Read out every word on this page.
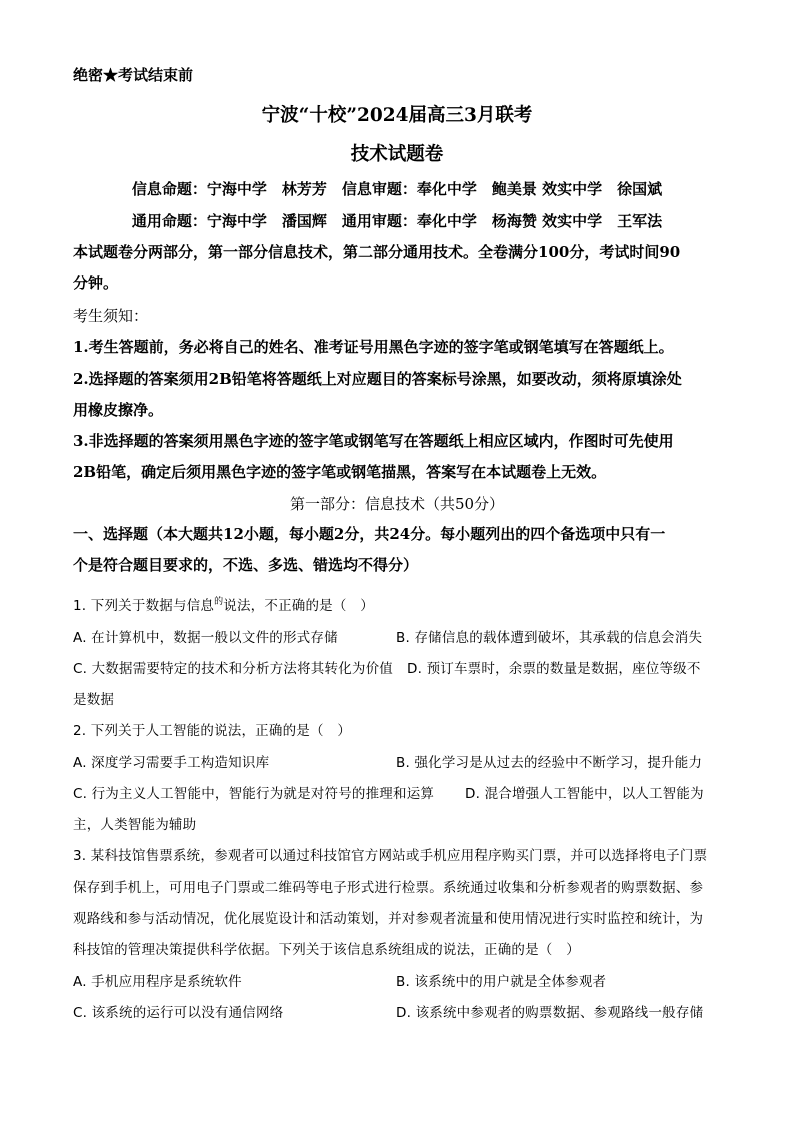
绝密★考试结束前
宁波“十校”2024届高三3月联考
技术试题卷
信息命题：宁海中学　林芳芳　信息审题：奉化中学　鲍美景 效实中学　徐国斌
通用命题：宁海中学　潘国辉　通用审题：奉化中学　杨海赞 效实中学　王军法
本试题卷分两部分，第一部分信息技术，第二部分通用技术。全卷满分100分，考试时间90
分钟。
考生须知：
1.考生答题前，务必将自己的姓名、准考证号用黑色字迹的签字笔或钢笔填写在答题纸上。
2.选择题的答案须用2B铅笔将答题纸上对应题目的答案标号涂黑，如要改动，须将原填涂处
用橡皮擦净。
3.非选择题的答案须用黑色字迹的签字笔或钢笔写在答题纸上相应区域内，作图时可先使用
2B铅笔，确定后须用黑色字迹的签字笔或钢笔描黑，答案写在本试题卷上无效。
第一部分：信息技术（共50分）
一、选择题（本大题共12小题，每小题2分，共24分。每小题列出的四个备选项中只有一
个是符合题目要求的，不选、多选、错选均不得分）
1. 下列关于数据与信息$^的$说法，不正确的是（　）
A. 在计算机中，数据一般以文件的形式存储	B. 存储信息的载体遭到破坏，其承载的信息会消失
C. 大数据需要特定的技术和分析方法将其转化为价值 D. 预订车票时，余票的数量是数据，座位等级不
是数据
2. 下列关于人工智能的说法，正确的是（　）
A. 深度学习需要手工构造知识库	B. 强化学习是从过去的经验中不断学习，提升能力
C. 行为主义人工智能中，智能行为就是对符号的推理和运算 D. 混合增强人工智能中，以人工智能为
主，人类智能为辅助
3. 某科技馆售票系统，参观者可以通过科技馆官方网站或手机应用程序购买门票，并可以选择将电子门票
保存到手机上，可用电子门票或二维码等电子形式进行检票。系统通过收集和分析参观者的购票数据、参
观路线和参与活动情况，优化展览设计和活动策划，并对参观者流量和使用情况进行实时监控和统计，为
科技馆的管理决策提供科学依据。下列关于该信息系统组成的说法，正确的是（　）
A. 手机应用程序是系统软件	B. 该系统中的用户就是全体参观者
C. 该系统的运行可以没有通信网络	D. 该系统中参观者的购票数据、参观路线一般存储
